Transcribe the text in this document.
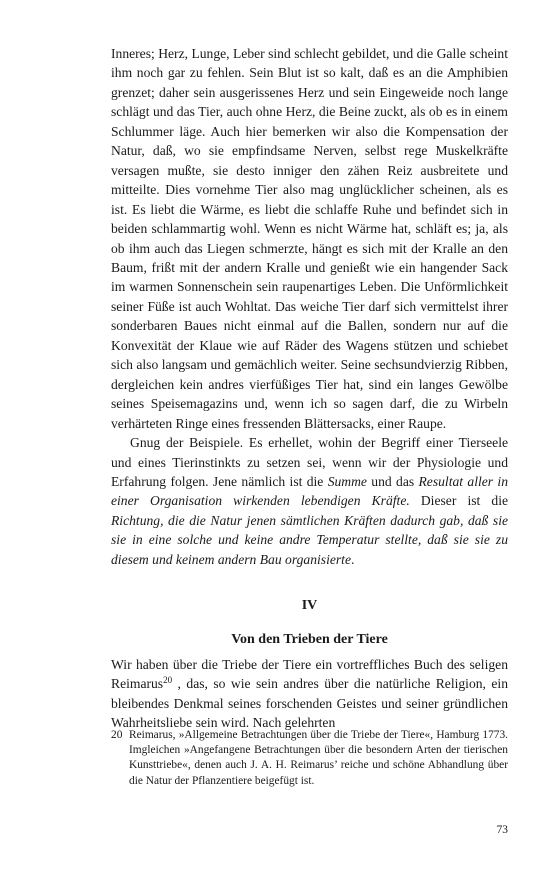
Inneres; Herz, Lunge, Leber sind schlecht gebildet, und die Galle scheint ihm noch gar zu fehlen. Sein Blut ist so kalt, daß es an die Amphibien grenzet; daher sein ausgerissenes Herz und sein Eingeweide noch lange schlägt und das Tier, auch ohne Herz, die Beine zuckt, als ob es in einem Schlummer läge. Auch hier bemerken wir also die Kompensation der Natur, daß, wo sie empfindsame Nerven, selbst rege Muskelkräfte versagen mußte, sie desto inniger den zähen Reiz ausbreitete und mitteilte. Dies vornehme Tier also mag unglücklicher scheinen, als es ist. Es liebt die Wärme, es liebt die schlaffe Ruhe und befindet sich in beiden schlammartig wohl. Wenn es nicht Wärme hat, schläft es; ja, als ob ihm auch das Liegen schmerzte, hängt es sich mit der Kralle an den Baum, frißt mit der andern Kralle und genießt wie ein hangender Sack im warmen Sonnenschein sein raupenartiges Leben. Die Unförmlichkeit seiner Füße ist auch Wohltat. Das weiche Tier darf sich vermittelst ihrer sonderbaren Baues nicht einmal auf die Ballen, sondern nur auf die Konvexität der Klaue wie auf Räder des Wagens stützen und schiebet sich also langsam und gemächlich weiter. Seine sechsundvierzig Ribben, dergleichen kein andres vierfüßiges Tier hat, sind ein langes Gewölbe seines Speisemagazins und, wenn ich so sagen darf, die zu Wirbeln verhärteten Ringe eines fressenden Blättersacks, einer Raupe.

Gnug der Beispiele. Es erhellet, wohin der Begriff einer Tierseele und eines Tierinstinkts zu setzen sei, wenn wir der Physiologie und Erfahrung folgen. Jene nämlich ist die Summe und das Resultat aller in einer Organisation wirkenden lebendigen Kräfte. Dieser ist die Richtung, die die Natur jenen sämtlichen Kräften dadurch gab, daß sie sie in eine solche und keine andre Temperatur stellte, daß sie sie zu diesem und keinem andern Bau organisierte.

IV
Von den Trieben der Tiere

Wir haben über die Triebe der Tiere ein vortreffliches Buch des seligen Reimarus$^{20}$ , das, so wie sein andres über die natürliche Religion, ein bleibendes Denkmal seines forschenden Geistes und seiner gründlichen Wahrheitsliebe sein wird. Nach gelehrten

20 Reimarus, »Allgemeine Betrachtungen über die Triebe der Tiere«, Hamburg 1773. Imgleichen »Angefangene Betrachtungen über die besondern Arten der tierischen Kunsttriebe«, denen auch J. A. H. Reimarus’ reiche und schöne Abhandlung über die Natur der Pflanzentiere beigefügt ist.
73
